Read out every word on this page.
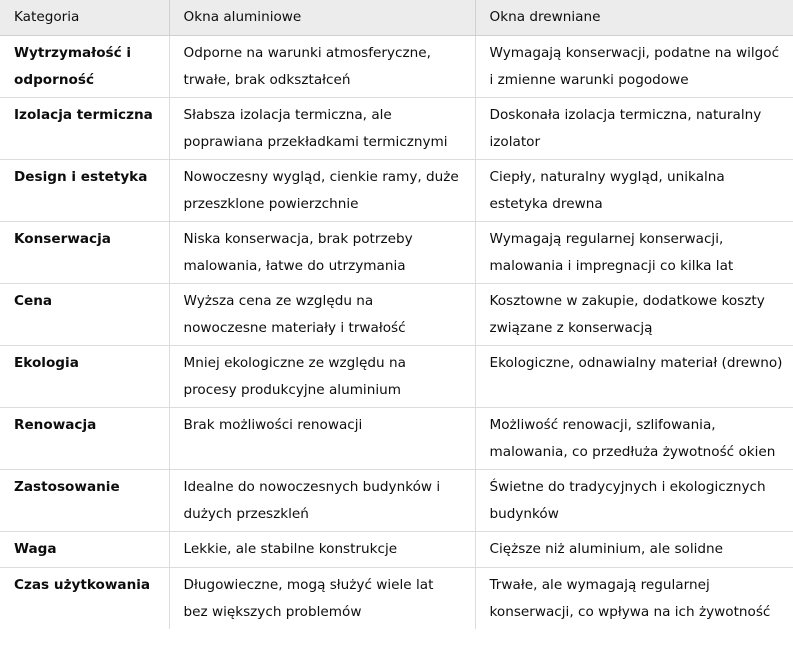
Kategoria	Okna aluminiowe	Okna drewniane
Wytrzymałość i odporność	Odporne na warunki atmosferyczne, trwałe, brak odkształceń	Wymagają konserwacji, podatne na wilgoć i zmienne warunki pogodowe
Izolacja termiczna	Słabsza izolacja termiczna, ale poprawiana przekładkami termicznymi	Doskonała izolacja termiczna, naturalny izolator
Design i estetyka	Nowoczesny wygląd, cienkie ramy, duże przeszklone powierzchnie	Ciepły, naturalny wygląd, unikalna estetyka drewna
Konserwacja	Niska konserwacja, brak potrzeby malowania, łatwe do utrzymania	Wymagają regularnej konserwacji, malowania i impregnacji co kilka lat
Cena	Wyższa cena ze względu na nowoczesne materiały i trwałość	Kosztowne w zakupie, dodatkowe koszty związane z konserwacją
Ekologia	Mniej ekologiczne ze względu na procesy produkcyjne aluminium	Ekologiczne, odnawialny materiał (drewno)
Renowacja	Brak możliwości renowacji	Możliwość renowacji, szlifowania, malowania, co przedłuża żywotność okien
Zastosowanie	Idealne do nowoczesnych budynków i dużych przeszkleń	Świetne do tradycyjnych i ekologicznych budynków
Waga	Lekkie, ale stabilne konstrukcje	Cięższe niż aluminium, ale solidne
Czas użytkowania	Długowieczne, mogą służyć wiele lat bez większych problemów	Trwałe, ale wymagają regularnej konserwacji, co wpływa na ich żywotność
